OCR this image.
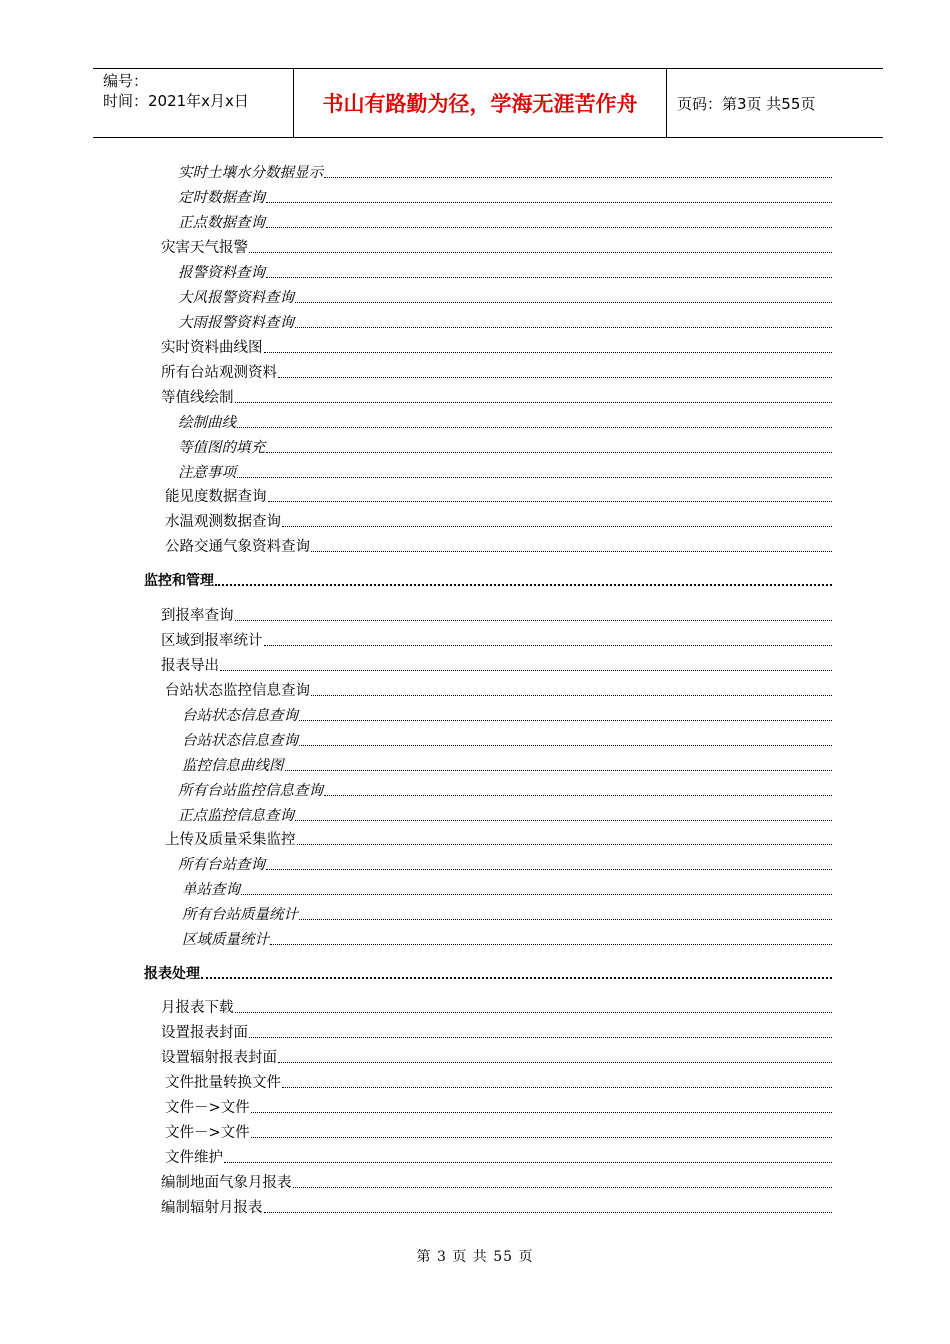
编号：
时间：2021年x月x日	书山有路勤为径，学海无涯苦作舟	页码：第3页 共55页
实时土壤水分数据显示
定时数据查询
正点数据查询
灾害天气报警
报警资料查询
大风报警资料查询
大雨报警资料查询
实时资料曲线图
所有台站观测资料
等值线绘制
绘制曲线
等值图的填充
注意事项
能见度数据查询
水温观测数据查询
公路交通气象资料查询
监控和管理
到报率查询
区域到报率统计
报表导出
台站状态监控信息查询
台站状态信息查询
台站状态信息查询
监控信息曲线图
所有台站监控信息查询
正点监控信息查询
上传及质量采集监控
所有台站查询
单站查询
所有台站质量统计
区域质量统计
报表处理
月报表下载
设置报表封面
设置辐射报表封面
文件批量转换文件
文件－>文件
文件－>文件
文件维护
编制地面气象月报表
编制辐射月报表
第 3 页 共 55 页
